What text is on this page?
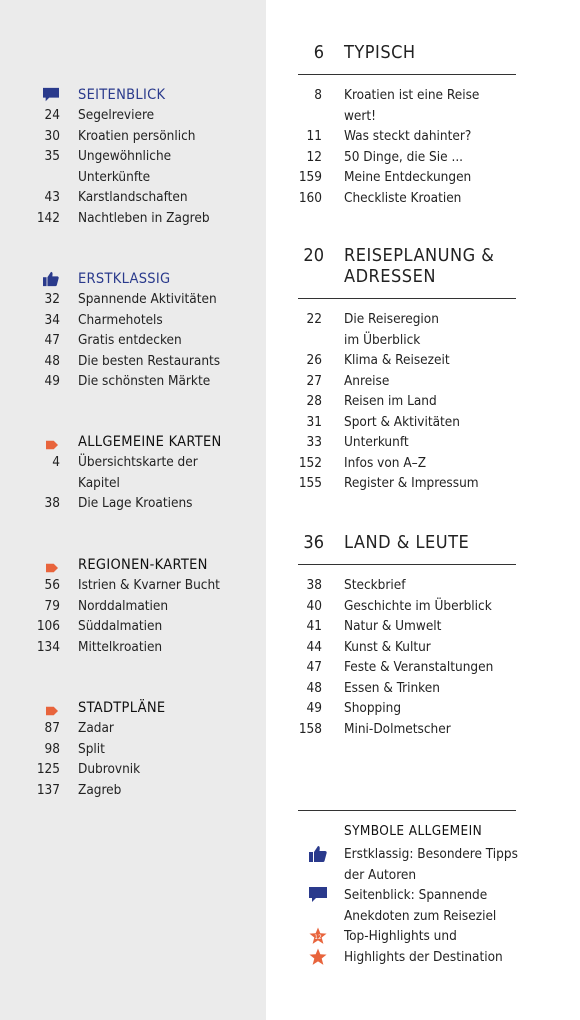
SEITENBLICK
24 Segelreviere
30 Kroatien persönlich
35 Ungewöhnliche
Unterkünfte
43 Karstlandschaften
142 Nachtleben in Zagreb
ERSTKLASSIG
32 Spannende Aktivitäten
34 Charmehotels
47 Gratis entdecken
48 Die besten Restaurants
49 Die schönsten Märkte
ALLGEMEINE KARTEN
4 Übersichtskarte der
Kapitel
38 Die Lage Kroatiens
REGIONEN-KARTEN
56 Istrien & Kvarner Bucht
79 Norddalmatien
106 Süddalmatien
134 Mittelkroatien
STADTPLÄNE
87 Zadar
98 Split
125 Dubrovnik
137 Zagreb
SYMBOLE ALLGEMEIN
Erstklassig: Besondere Tipps
der Autoren
Seitenblick: Spannende
Anekdoten zum Reiseziel
12 Top-Highlights und
Highlights der Destination
6 TYPISCH
8 Kroatien ist eine Reise
wert!
11 Was steckt dahinter?
12 50 Dinge, die Sie ...
159 Meine Entdeckungen
160 Checkliste Kroatien
20 REISEPLANUNG &
ADRESSEN
22 Die Reiseregion
im Überblick
26 Klima & Reisezeit
27 Anreise
28 Reisen im Land
31 Sport & Aktivitäten
33 Unterkunft
152 Infos von A–Z
155 Register & Impressum
36 LAND & LEUTE
38 Steckbrief
40 Geschichte im Überblick
41 Natur & Umwelt
44 Kunst & Kultur
47 Feste & Veranstaltungen
48 Essen & Trinken
49 Shopping
158 Mini-Dolmetscher
